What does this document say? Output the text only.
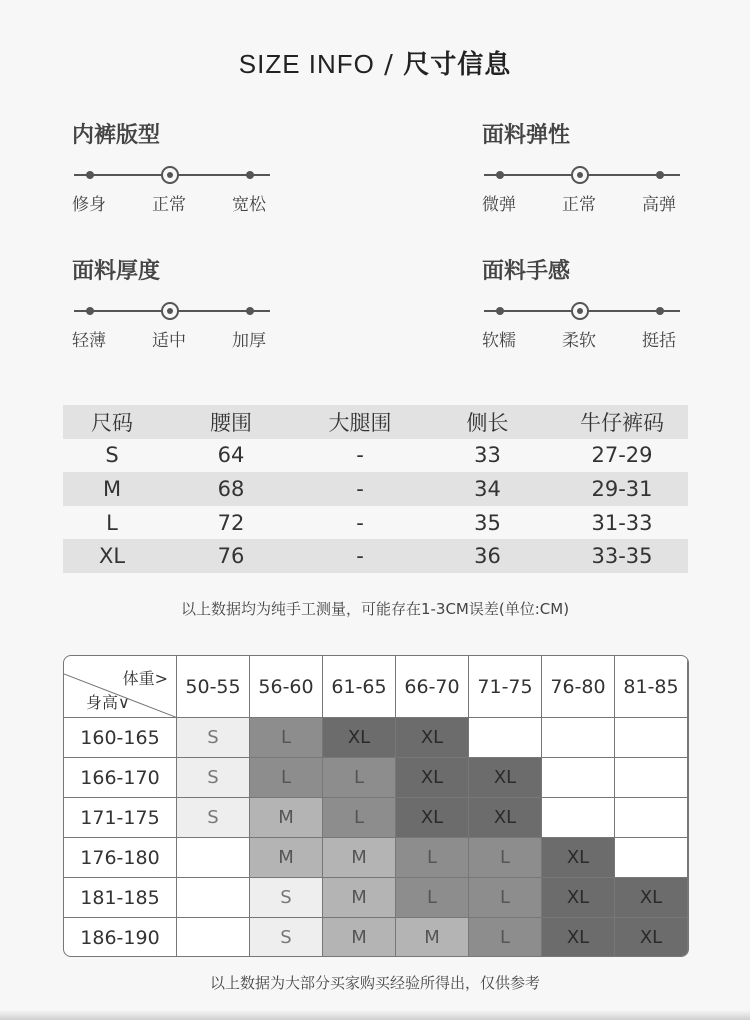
SIZE INFO / 尺寸信息
内裤版型
修身	正常	宽松
面料弹性
微弹	正常	高弹
面料厚度
轻薄	适中	加厚
面料手感
软糯	柔软	挺括
尺码	腰围	大腿围	侧长	牛仔裤码
S	64	-	33	27-29
M	68	-	34	29-31
L	72	-	35	31-33
XL	76	-	36	33-35
以上数据均为纯手工测量，可能存在1-3CM误差(单位:CM)
体重>
身高∨	50-55	56-60	61-65	66-70	71-75	76-80	81-85
160-165	S	L	XL	XL			
166-170	S	L	L	XL	XL		
171-175	S	M	L	XL	XL		
176-180		M	M	L	L	XL	
181-185		S	M	L	L	XL	XL
186-190		S	M	M	L	XL	XL
以上数据为大部分买家购买经验所得出，仅供参考
